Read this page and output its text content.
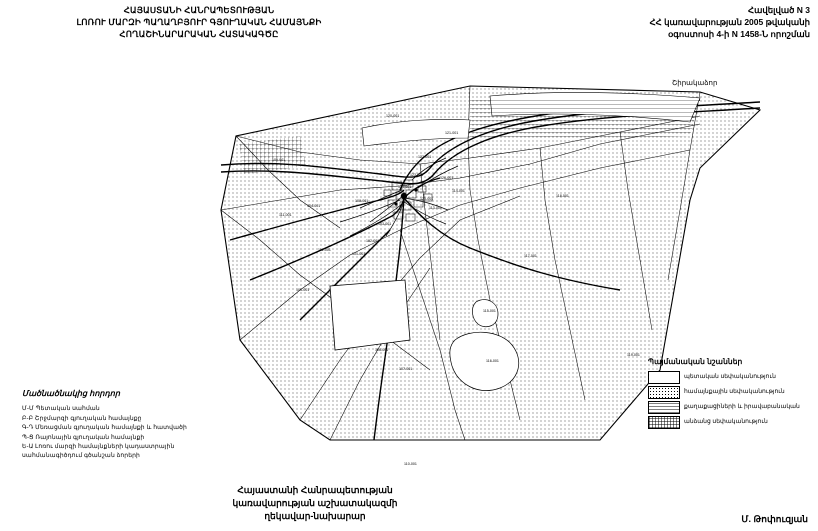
ՀԱՅԱՍՏԱՆԻ ՀԱՆՐԱՊԵՏՈՒԹՅԱՆ
ԼՈՌՈՒ ՄԱՐԶԻ ՊԱՂԱՂԲՅՈՒՐ ԳՅՈՒՂԱԿԱՆ ՀԱՄԱՅՆՔԻ
ՀՈՂԱՇԻՆԱՐԱՐԱԿԱՆ ՀԱՏԱԿԱԳԾԸ
Հավելված N 3
ՀՀ կառավարության 2005 թվականի
օգոստոսի 4-ի N 1458-Ն որոշման
109-001
104-001
111-001
112-001
105-001
106-001
101-001
102-001
103-001
107-001
108-001
110-001
113-001
114-001
115-001
116-001
117-001
118-001
119-001
120-001
121-001
122-001
123-001
124-001
125-001
126-001
Շիրակաձոր
Մածնածնակից հորդոր
Մ-Մ Պետական սահման
Բ-Բ Շրջմարզի գյուղական համայնքը
Գ-Դ Մեռացման գյուղական համայնքի և հատվածի
Պ-Ց Ռայոնային գյուղական համայնքի
Ե-Ա Լոռու մարզի համայնքների կադաստրային
սահմանագիծդում գծանշան ձորերի
Պայմանական նշաններ
պետական սեփականություն
համայնքային սեփականություն
քաղաքացիների և իրավաբանական
անձանց սեփականություն
Հայաստանի Հանրապետության
կառավարության աշխատակազմի
ղեկավար-նախարար	Մ. Թոփուզյան
